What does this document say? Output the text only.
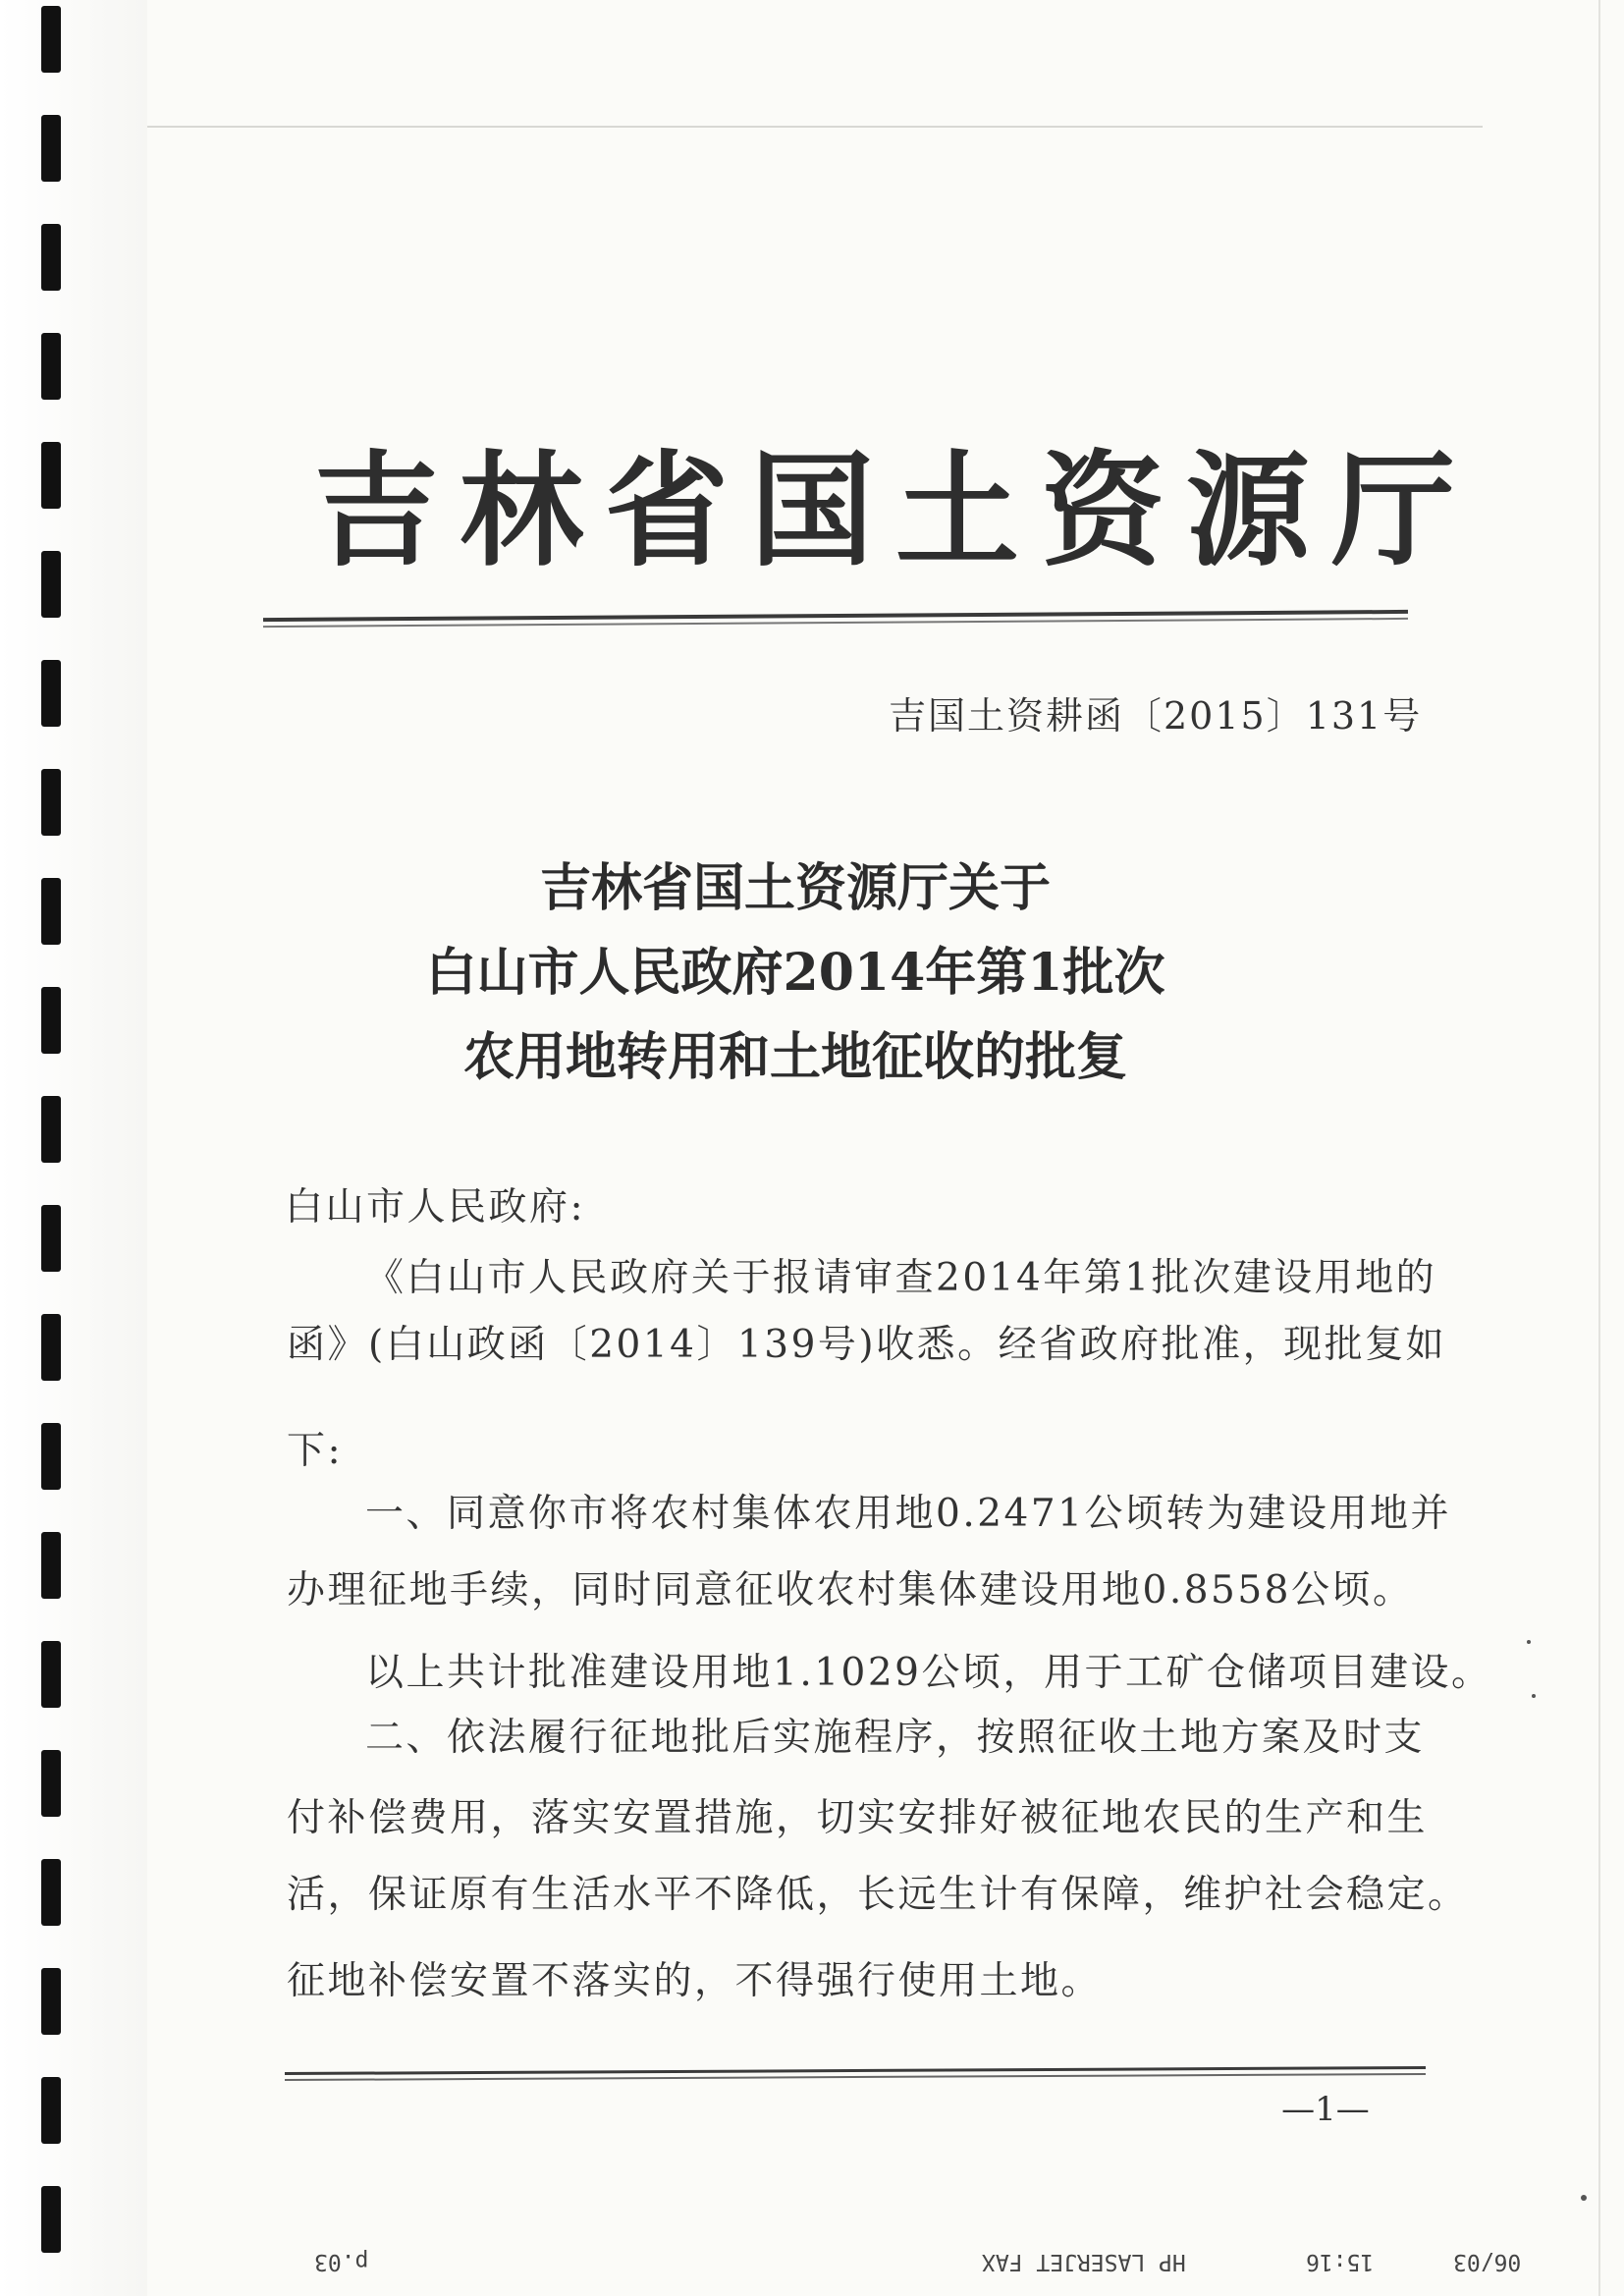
吉林省国土资源厅
吉国土资耕函〔2015〕131号
吉林省国土资源厅关于
白山市人民政府2014年第1批次
农用地转用和土地征收的批复
白山市人民政府:
《白山市人民政府关于报请审查2014年第1批次建设用地的
函》(白山政函〔2014〕139号)收悉。经省政府批准，现批复如
下:
一、同意你市将农村集体农用地0.2471公顷转为建设用地并
办理征地手续，同时同意征收农村集体建设用地0.8558公顷。
以上共计批准建设用地1.1029公顷，用于工矿仓储项目建设。
二、依法履行征地批后实施程序，按照征收土地方案及时支
付补偿费用，落实安置措施，切实安排好被征地农民的生产和生
活，保证原有生活水平不降低，长远生计有保障，维护社会稳定。
征地补偿安置不落实的，不得强行使用土地。
—1—
p.03	HP LASERJET FAX	15:16	06/03
